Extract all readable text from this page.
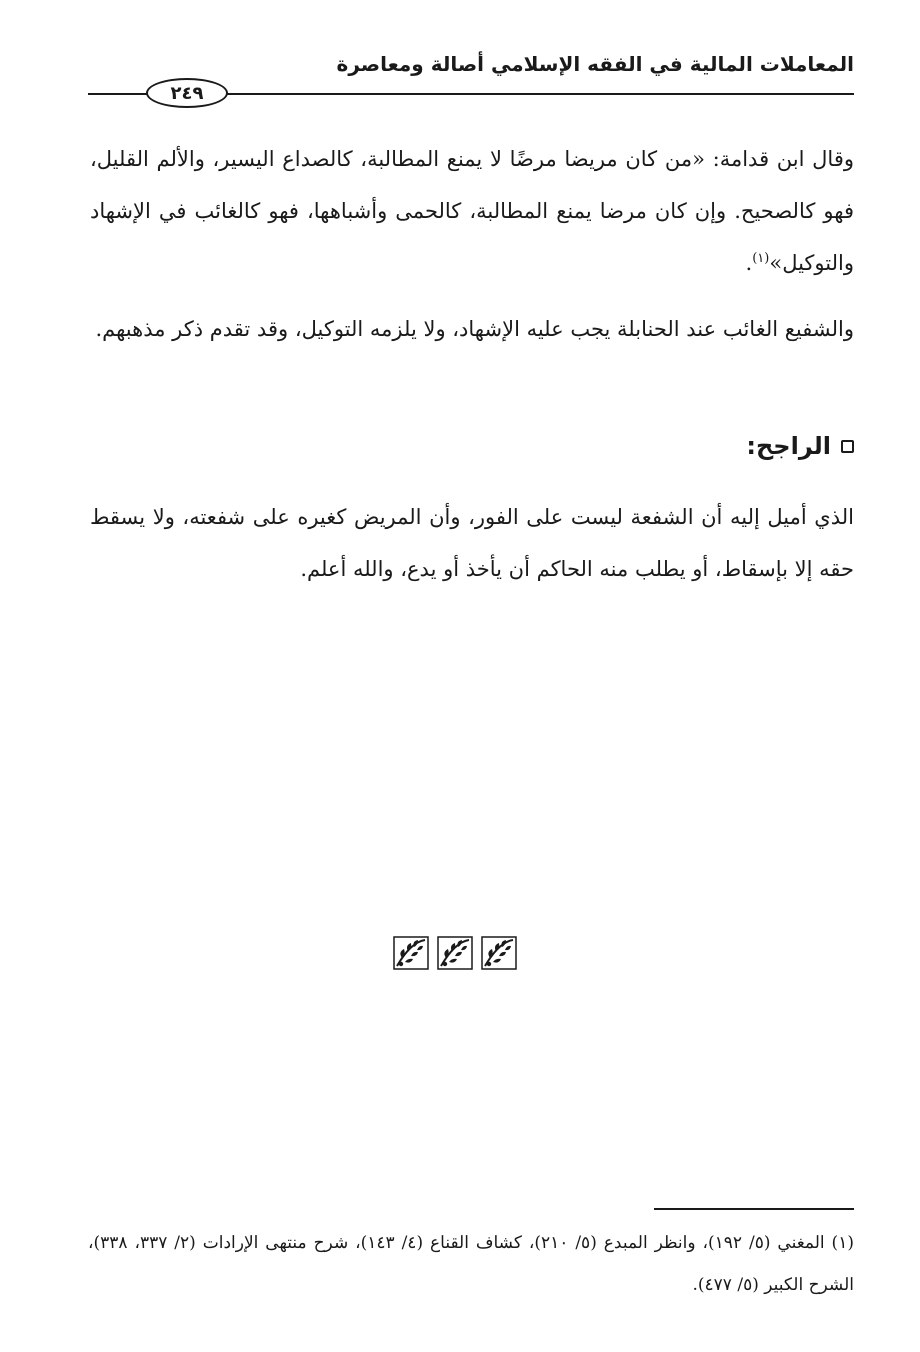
المعاملات المالية في الفقه الإسلامي أصالة ومعاصرة
٢٤٩
وقال ابن قدامة: «من كان مريضا مرضًا لا يمنع المطالبة، كالصداع اليسير، والألم القليل، فهو كالصحيح. وإن كان مرضا يمنع المطالبة، كالحمى وأشباهها، فهو كالغائب في الإشهاد والتوكيل»$^{(١)}$.
والشفيع الغائب عند الحنابلة يجب عليه الإشهاد، ولا يلزمه التوكيل، وقد تقدم ذكر مذهبهم.
الراجح:
الذي أميل إليه أن الشفعة ليست على الفور، وأن المريض كغيره على شفعته، ولا يسقط حقه إلا بإسقاط، أو يطلب منه الحاكم أن يأخذ أو يدع، والله أعلم.
(١) المغني (٥/ ١٩٢)، وانظر المبدع (٥/ ٢١٠)، كشاف القناع (٤/ ١٤٣)، شرح منتهى الإرادات (٢/ ٣٣٧، ٣٣٨)، الشرح الكبير (٥/ ٤٧٧).
